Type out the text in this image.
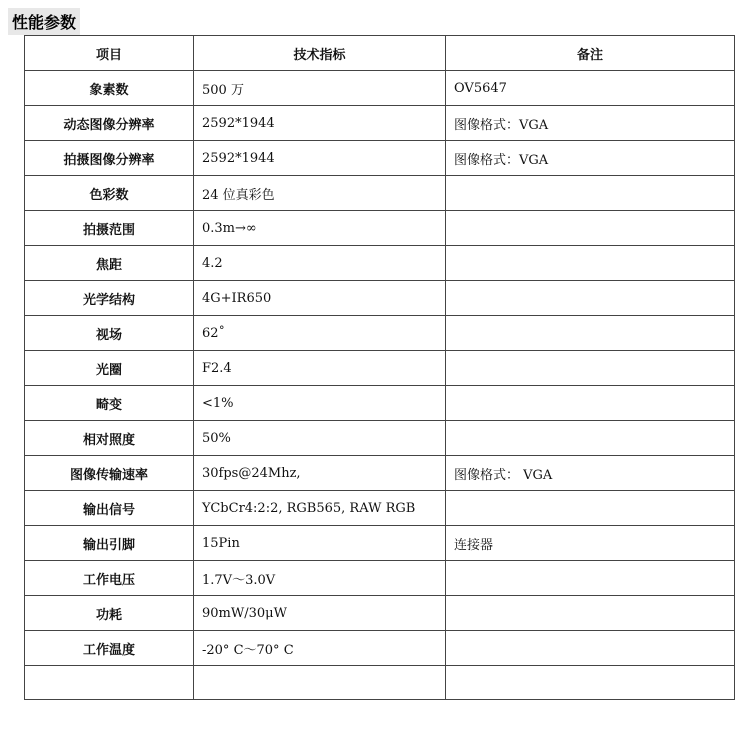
性能参数
项目	技术指标	备注
象素数	500 万	OV5647
动态图像分辨率	2592*1944	图像格式：VGA
拍摄图像分辨率	2592*1944	图像格式：VGA
色彩数	24 位真彩色	
拍摄范围	0.3m→∞	
焦距	4.2	
光学结构	4G+IR650	
视场	62˚	
光圈	F2.4	
畸变	<1%	
相对照度	50%	
图像传输速率	30fps@24Mhz,	图像格式： VGA
输出信号	YCbCr4:2:2, RGB565, RAW RGB	
输出引脚	15Pin	连接器
工作电压	1.7V～3.0V	
功耗	90mW/30μW	
工作温度	-20° C～70° C	
